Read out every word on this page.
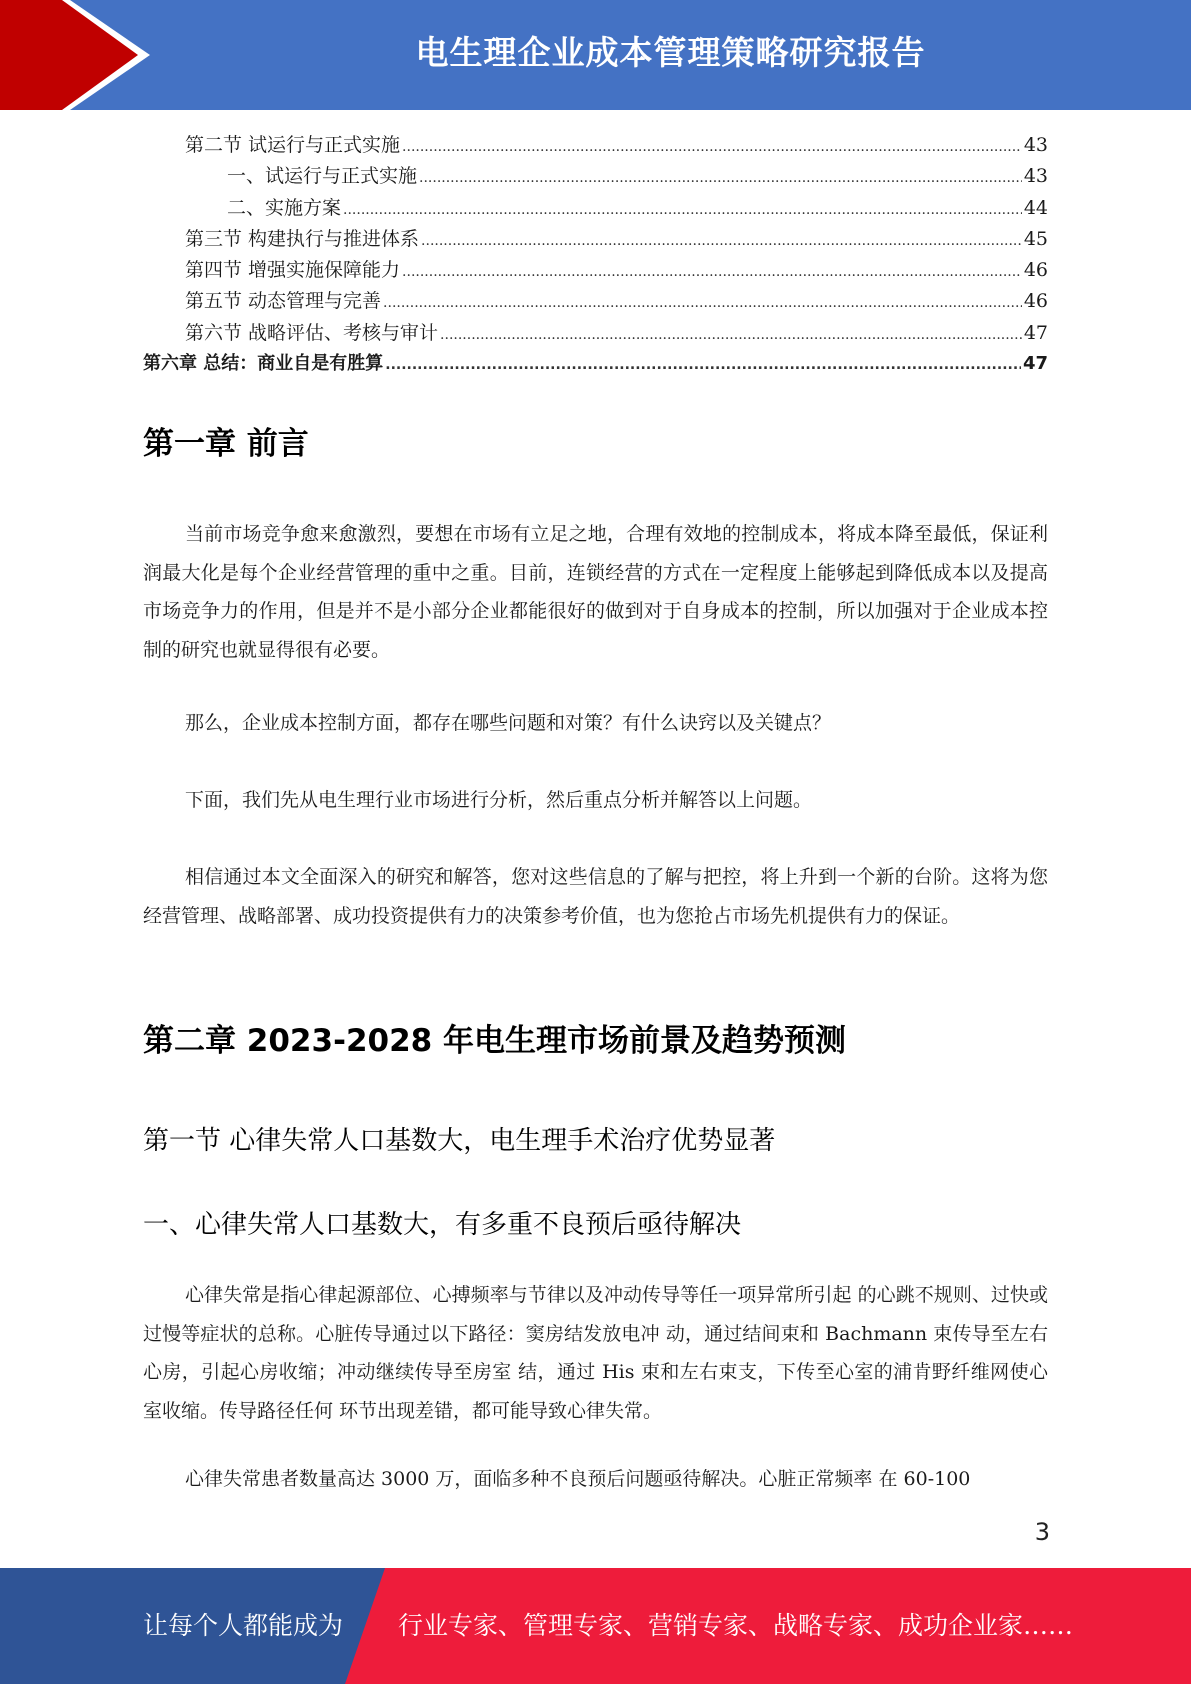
电生理企业成本管理策略研究报告
第二节 试运行与正式实施 .....	43
一、试运行与正式实施 .....	43
二、实施方案 .....	44
第三节 构建执行与推进体系 .....	45
第四节 增强实施保障能力 .....	46
第五节 动态管理与完善 .....	46
第六节 战略评估、考核与审计 .....	47
第六章 总结：商业自是有胜算 .....	47
第一章 前言

当前市场竞争愈来愈激烈，要想在市场有立足之地，合理有效地的控制成本，将成本降至最低，保证利润最大化是每个企业经营管理的重中之重。目前，连锁经营的方式在一定程度上能够起到降低成本以及提高市场竞争力的作用，但是并不是小部分企业都能很好的做到对于自身成本的控制，所以加强对于企业成本控制的研究也就显得很有必要。

那么，企业成本控制方面，都存在哪些问题和对策？有什么诀窍以及关键点？

下面，我们先从电生理行业市场进行分析，然后重点分析并解答以上问题。

相信通过本文全面深入的研究和解答，您对这些信息的了解与把控，将上升到一个新的台阶。这将为您经营管理、战略部署、成功投资提供有力的决策参考价值，也为您抢占市场先机提供有力的保证。

第二章 2023-2028 年电生理市场前景及趋势预测
第一节 心律失常人口基数大，电生理手术治疗优势显著
一、心律失常人口基数大，有多重不良预后亟待解决

心律失常是指心律起源部位、心搏频率与节律以及冲动传导等任一项异常所引起 的心跳不规则、过快或过慢等症状的总称。心脏传导通过以下路径：窦房结发放电冲 动，通过结间束和 Bachmann 束传导至左右心房，引起心房收缩；冲动继续传导至房室 结，通过 His 束和左右束支，下传至心室的浦肯野纤维网使心室收缩。传导路径任何 环节出现差错，都可能导致心律失常。

心律失常患者数量高达 3000 万，面临多种不良预后问题亟待解决。心脏正常频率 在 60-100

3
让每个人都能成为 行业专家、管理专家、营销专家、战略专家、成功企业家……
